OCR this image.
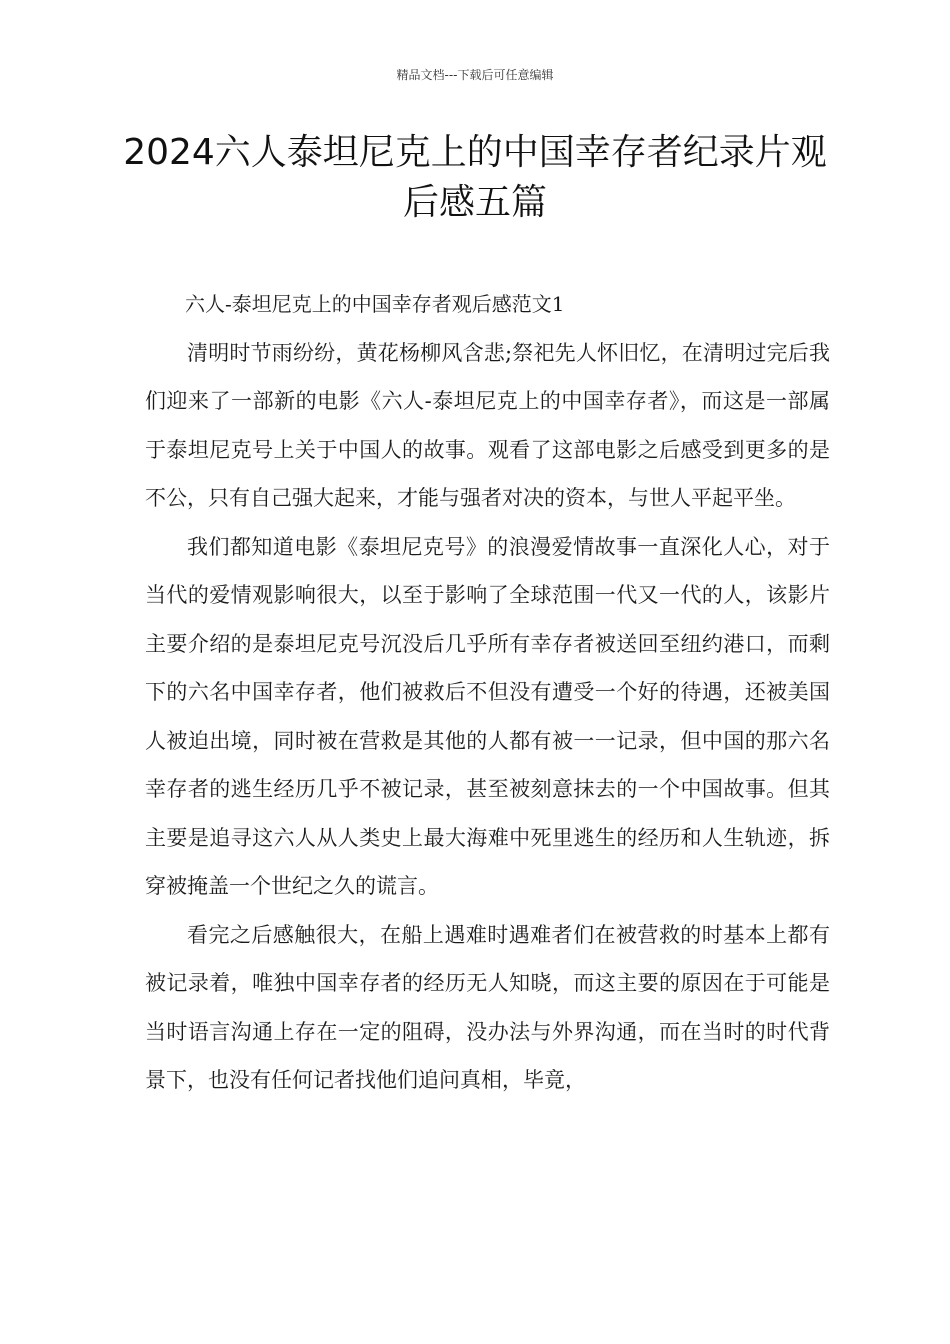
精品文档---下载后可任意编辑
2024六人泰坦尼克上的中国幸存者纪录片观后感五篇

六人-泰坦尼克上的中国幸存者观后感范文1

清明时节雨纷纷，黄花杨柳风含悲;祭祀先人怀旧忆，在清明过完后我们迎来了一部新的电影《六人-泰坦尼克上的中国幸存者》，而这是一部属于泰坦尼克号上关于中国人的故事。观看了这部电影之后感受到更多的是不公，只有自己强大起来，才能与强者对决的资本，与世人平起平坐。

我们都知道电影《泰坦尼克号》的浪漫爱情故事一直深化人心，对于当代的爱情观影响很大，以至于影响了全球范围一代又一代的人，该影片主要介绍的是泰坦尼克号沉没后几乎所有幸存者被送回至纽约港口，而剩下的六名中国幸存者，他们被救后不但没有遭受一个好的待遇，还被美国人被迫出境，同时被在营救是其他的人都有被一一记录，但中国的那六名幸存者的逃生经历几乎不被记录，甚至被刻意抹去的一个中国故事。但其主要是追寻这六人从人类史上最大海难中死里逃生的经历和人生轨迹，拆穿被掩盖一个世纪之久的谎言。

看完之后感触很大，在船上遇难时遇难者们在被营救的时基本上都有被记录着，唯独中国幸存者的经历无人知晓，而这主要的原因在于可能是当时语言沟通上存在一定的阻碍，没办法与外界沟通，而在当时的时代背景下，也没有任何记者找他们追问真相，毕竟，
